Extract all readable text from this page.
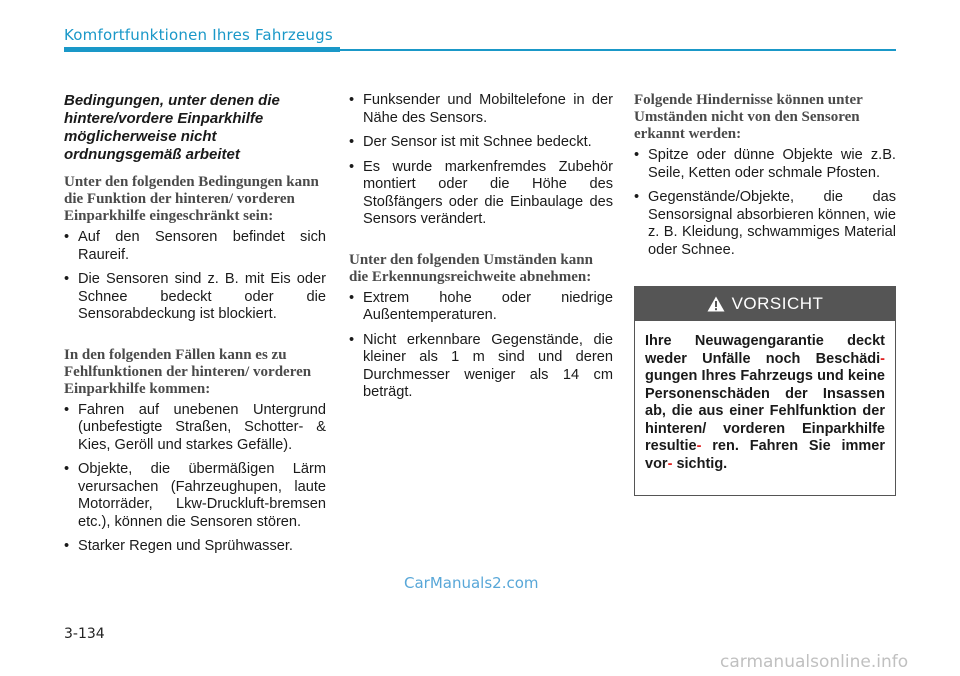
Komfortfunktionen Ihres Fahrzeugs
Bedingungen, unter denen die hintere/vordere Einparkhilfe möglicherweise nicht ordnungsgemäß arbeitet
Unter den folgenden Bedingungen kann die Funktion der hinteren/ vorderen Einparkhilfe eingeschränkt sein:
• Auf den Sensoren befindet sich Raureif.
• Die Sensoren sind z. B. mit Eis oder Schnee bedeckt oder die Sensorabdeckung ist blockiert.
In den folgenden Fällen kann es zu Fehlfunktionen der hinteren/ vorderen Einparkhilfe kommen:
• Fahren auf unebenen Untergrund (unbefestigte Straßen, Schotter- & Kies, Geröll und starkes Gefälle).
• Objekte, die übermäßigen Lärm verursachen (Fahrzeughupen, laute Motorräder, Lkw-Druckluft-bremsen etc.), können die Sensoren stören.
• Starker Regen und Sprühwasser.
• Funksender und Mobiltelefone in der Nähe des Sensors.
• Der Sensor ist mit Schnee bedeckt.
• Es wurde markenfremdes Zubehör montiert oder die Höhe des Stoßfängers oder die Einbaulage des Sensors verändert.
Unter den folgenden Umständen kann die Erkennungsreichweite abnehmen:
• Extrem hohe oder niedrige Außentemperaturen.
• Nicht erkennbare Gegenstände, die kleiner als 1 m sind und deren Durchmesser weniger als 14 cm beträgt.
Folgende Hindernisse können unter Umständen nicht von den Sensoren erkannt werden:
• Spitze oder dünne Objekte wie z.B. Seile, Ketten oder schmale Pfosten.
• Gegenstände/Objekte, die das Sensorsignal absorbieren können, wie z. B. Kleidung, schwammiges Material oder Schnee.
VORSICHT
Ihre Neuwagengarantie deckt weder Unfälle noch Beschädi- gungen Ihres Fahrzeugs und keine Personenschäden der Insassen ab, die aus einer Fehlfunktion der hinteren/ vorderen Einparkhilfe resultie- ren. Fahren Sie immer vor- sichtig.
CarManuals2.com
3-134
carmanualsonline.info
